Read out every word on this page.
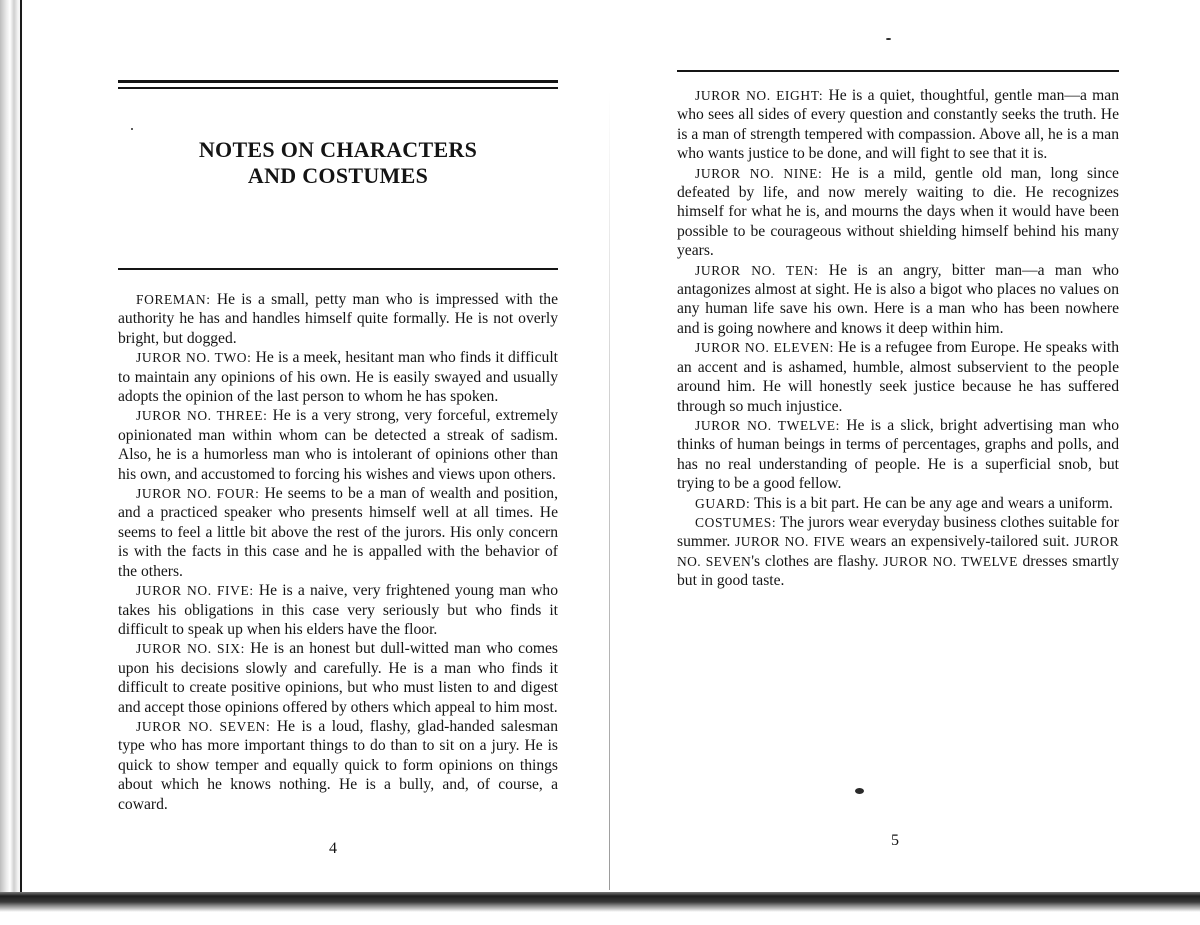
NOTES ON CHARACTERS
AND COSTUMES

FOREMAN: He is a small, petty man who is impressed with the authority he has and handles himself quite formally. He is not overly bright, but dogged.

JUROR NO. TWO: He is a meek, hesitant man who finds it difficult to maintain any opinions of his own. He is easily swayed and usually adopts the opinion of the last person to whom he has spoken.

JUROR NO. THREE: He is a very strong, very forceful, extremely opinionated man within whom can be detected a streak of sadism. Also, he is a humorless man who is intolerant of opinions other than his own, and accustomed to forcing his wishes and views upon others.

JUROR NO. FOUR: He seems to be a man of wealth and position, and a practiced speaker who presents himself well at all times. He seems to feel a little bit above the rest of the jurors. His only concern is with the facts in this case and he is appalled with the behavior of the others.

JUROR NO. FIVE: He is a naive, very frightened young man who takes his obligations in this case very seriously but who finds it difficult to speak up when his elders have the floor.

JUROR NO. SIX: He is an honest but dull-witted man who comes upon his decisions slowly and carefully. He is a man who finds it difficult to create positive opinions, but who must listen to and digest and accept those opinions offered by others which appeal to him most.

JUROR NO. SEVEN: He is a loud, flashy, glad-handed salesman type who has more important things to do than to sit on a jury. He is quick to show temper and equally quick to form opinions on things about which he knows nothing. He is a bully, and, of course, a coward.

4

JUROR NO. EIGHT: He is a quiet, thoughtful, gentle man—a man who sees all sides of every question and constantly seeks the truth. He is a man of strength tempered with compassion. Above all, he is a man who wants justice to be done, and will fight to see that it is.

JUROR NO. NINE: He is a mild, gentle old man, long since defeated by life, and now merely waiting to die. He recognizes himself for what he is, and mourns the days when it would have been possible to be courageous without shielding himself behind his many years.

JUROR NO. TEN: He is an angry, bitter man—a man who antagonizes almost at sight. He is also a bigot who places no values on any human life save his own. Here is a man who has been nowhere and is going nowhere and knows it deep within him.

JUROR NO. ELEVEN: He is a refugee from Europe. He speaks with an accent and is ashamed, humble, almost subservient to the people around him. He will honestly seek justice because he has suffered through so much injustice.

JUROR NO. TWELVE: He is a slick, bright advertising man who thinks of human beings in terms of percentages, graphs and polls, and has no real understanding of people. He is a superficial snob, but trying to be a good fellow.

GUARD: This is a bit part. He can be any age and wears a uniform.

COSTUMES: The jurors wear everyday business clothes suitable for summer. JUROR NO. FIVE wears an expensively-tailored suit. JUROR NO. SEVEN's clothes are flashy. JUROR NO. TWELVE dresses smartly but in good taste.

5
